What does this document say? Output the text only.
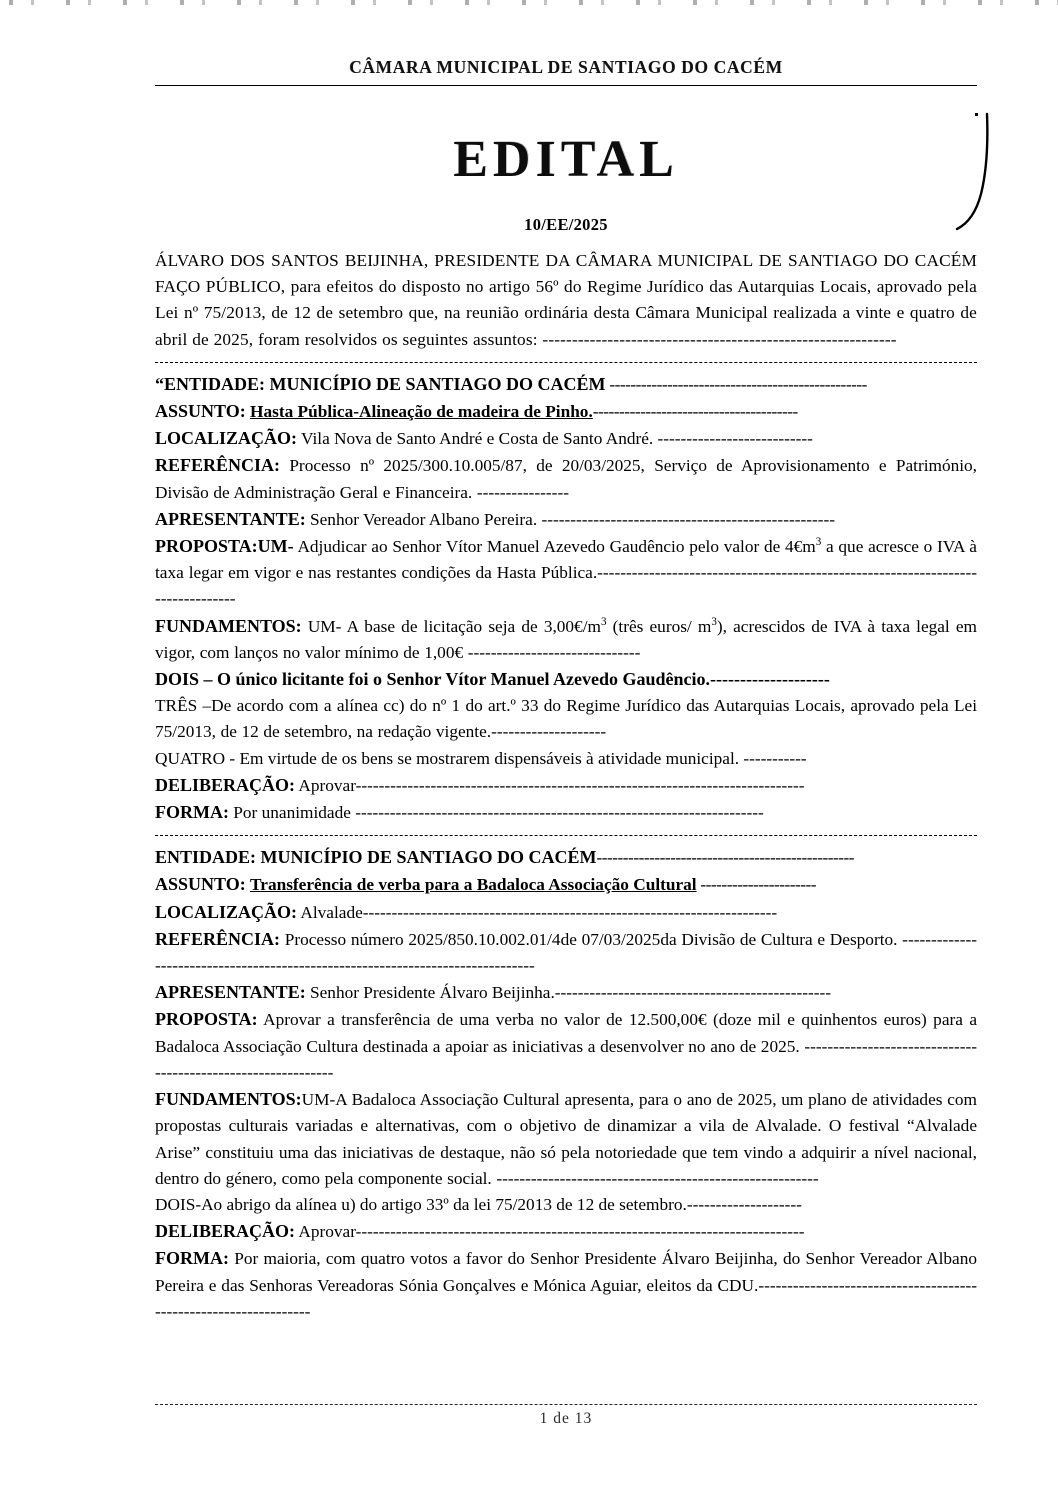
CÂMARA MUNICIPAL DE SANTIAGO DO CACÉM
EDITAL
10/EE/2025

ÁLVARO DOS SANTOS BEIJINHA, PRESIDENTE DA CÂMARA MUNICIPAL DE SANTIAGO DO CACÉM FAÇO PÚBLICO, para efeitos do disposto no artigo 56º do Regime Jurídico das Autarquias Locais, aprovado pela Lei nº 75/2013, de 12 de setembro que, na reunião ordinária desta Câmara Municipal realizada a vinte e quatro de abril de 2025, foram resolvidos os seguintes assuntos: ------------------------------------------------------------

“ENTIDADE: MUNICÍPIO DE SANTIAGO DO CACÉM -------------------------------------------------

ASSUNTO: Hasta Pública-Alineação de madeira de Pinho.---------------------------------------

LOCALIZAÇÃO: Vila Nova de Santo André e Costa de Santo André. ---------------------------

REFERÊNCIA: Processo nº 2025/300.10.005/87, de 20/03/2025, Serviço de Aprovisionamento e Património, Divisão de Administração Geral e Financeira. ----------------

APRESENTANTE: Senhor Vereador Albano Pereira. ---------------------------------------------------

PROPOSTA:UM- Adjudicar ao Senhor Vítor Manuel Azevedo Gaudêncio pelo valor de $4€m^3$ a que acresce o IVA à taxa legar em vigor e nas restantes condições da Hasta Pública.--------------------------------------------------------------------------------

FUNDAMENTOS: UM- A base de licitação seja de $3,00€/m^3$ (três euros/ $m^3$), acrescidos de IVA à taxa legal em vigor, com lanços no valor mínimo de 1,00€ ------------------------------

DOIS – O único licitante foi o Senhor Vítor Manuel Azevedo Gaudêncio.--------------------

TRÊS –De acordo com a alínea cc) do nº 1 do art.º 33 do Regime Jurídico das Autarquias Locais, aprovado pela Lei 75/2013, de 12 de setembro, na redação vigente.--------------------

QUATRO - Em virtude de os bens se mostrarem dispensáveis à atividade municipal. -----------

DELIBERAÇÃO: Aprovar------------------------------------------------------------------------------

FORMA: Por unanimidade -----------------------------------------------------------------------

ENTIDADE: MUNICÍPIO DE SANTIAGO DO CACÉM-------------------------------------------------

ASSUNTO: Transferência de verba para a Badaloca Associação Cultural ----------------------

LOCALIZAÇÃO: Alvalade------------------------------------------------------------------------

REFERÊNCIA: Processo número 2025/850.10.002.01/4de 07/03/2025da Divisão de Cultura e Desporto. -------------------------------------------------------------------------------

APRESENTANTE: Senhor Presidente Álvaro Beijinha.------------------------------------------------

PROPOSTA: Aprovar a transferência de uma verba no valor de 12.500,00€ (doze mil e quinhentos euros) para a Badaloca Associação Cultura destinada a apoiar as iniciativas a desenvolver no ano de 2025. -------------------------------------------------------------

FUNDAMENTOS:UM-A Badaloca Associação Cultural apresenta, para o ano de 2025, um plano de atividades com propostas culturais variadas e alternativas, com o objetivo de dinamizar a vila de Alvalade. O festival “Alvalade Arise” constituiu uma das iniciativas de destaque, não só pela notoriedade que tem vindo a adquirir a nível nacional, dentro do género, como pela componente social. --------------------------------------------------------

DOIS-Ao abrigo da alínea u) do artigo 33º da lei 75/2013 de 12 de setembro.--------------------

DELIBERAÇÃO: Aprovar------------------------------------------------------------------------------

FORMA: Por maioria, com quatro votos a favor do Senhor Presidente Álvaro Beijinha, do Senhor Vereador Albano Pereira e das Senhoras Vereadoras Sónia Gonçalves e Mónica Aguiar, eleitos da CDU.-----------------------------------------------------------------

1 de 13
